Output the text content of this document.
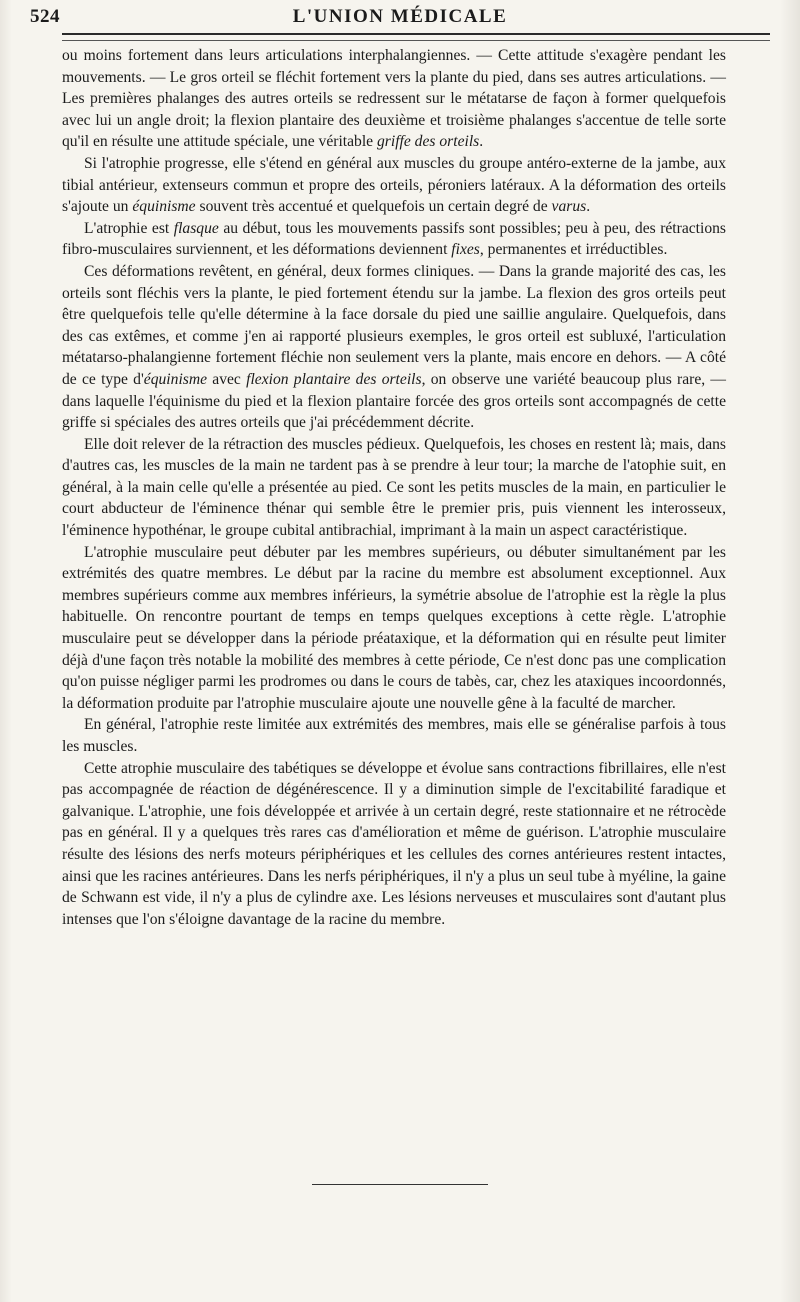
524	L'UNION MÉDICALE

ou moins fortement dans leurs articulations interphalangiennes. — Cette attitude s'exagère pendant les mouvements. — Le gros orteil se fléchit fortement vers la plante du pied, dans ses autres articulations. — Les premières phalanges des autres orteils se redressent sur le métatarse de façon à former quelquefois avec lui un angle droit; la flexion plantaire des deuxième et troisième phalanges s'accentue de telle sorte qu'il en résulte une attitude spéciale, une véritable griffe des orteils.

Si l'atrophie progresse, elle s'étend en général aux muscles du groupe antéro-externe de la jambe, aux tibial antérieur, extenseurs commun et propre des orteils, péroniers latéraux. A la déformation des orteils s'ajoute un équinisme souvent très accentué et quelquefois un certain degré de varus.

L'atrophie est flasque au début, tous les mouvements passifs sont possibles; peu à peu, des rétractions fibro-musculaires surviennent, et les déformations deviennent fixes, permanentes et irréductibles.

Ces déformations revêtent, en général, deux formes cliniques. — Dans la grande majorité des cas, les orteils sont fléchis vers la plante, le pied fortement étendu sur la jambe. La flexion des gros orteils peut être quelquefois telle qu'elle détermine à la face dorsale du pied une saillie angulaire. Quelquefois, dans des cas extêmes, et comme j'en ai rapporté plusieurs exemples, le gros orteil est subluxé, l'articulation métatarso-phalangienne fortement fléchie non seulement vers la plante, mais encore en dehors. — A côté de ce type d'équinisme avec flexion plantaire des orteils, on observe une variété beaucoup plus rare, — dans laquelle l'équinisme du pied et la flexion plantaire forcée des gros orteils sont accompagnés de cette griffe si spéciales des autres orteils que j'ai précédemment décrite.

Elle doit relever de la rétraction des muscles pédieux. Quelquefois, les choses en restent là; mais, dans d'autres cas, les muscles de la main ne tardent pas à se prendre à leur tour; la marche de l'atophie suit, en général, à la main celle qu'elle a présentée au pied. Ce sont les petits muscles de la main, en particulier le court abducteur de l'éminence thénar qui semble être le premier pris, puis viennent les interosseux, l'éminence hypothénar, le groupe cubital antibrachial, imprimant à la main un aspect caractéristique.

L'atrophie musculaire peut débuter par les membres supérieurs, ou débuter simultanément par les extrémités des quatre membres. Le début par la racine du membre est absolument exceptionnel. Aux membres supérieurs comme aux membres inférieurs, la symétrie absolue de l'atrophie est la règle la plus habituelle. On rencontre pourtant de temps en temps quelques exceptions à cette règle. L'atrophie musculaire peut se développer dans la période préataxique, et la déformation qui en résulte peut limiter déjà d'une façon très notable la mobilité des membres à cette période, Ce n'est donc pas une complication qu'on puisse négliger parmi les prodromes ou dans le cours de tabès, car, chez les ataxiques incoordonnés, la déformation produite par l'atrophie musculaire ajoute une nouvelle gêne à la faculté de marcher.

En général, l'atrophie reste limitée aux extrémités des membres, mais elle se généralise parfois à tous les muscles.

Cette atrophie musculaire des tabétiques se développe et évolue sans contractions fibrillaires, elle n'est pas accompagnée de réaction de dégénérescence. Il y a diminution simple de l'excitabilité faradique et galvanique. L'atrophie, une fois développée et arrivée à un certain degré, reste stationnaire et ne rétrocède pas en général. Il y a quelques très rares cas d'amélioration et même de guérison. L'atrophie musculaire résulte des lésions des nerfs moteurs périphériques et les cellules des cornes antérieures restent intactes, ainsi que les racines antérieures. Dans les nerfs périphériques, il n'y a plus un seul tube à myéline, la gaine de Schwann est vide, il n'y a plus de cylindre axe. Les lésions nerveuses et musculaires sont d'autant plus intenses que l'on s'éloigne davantage de la racine du membre.
